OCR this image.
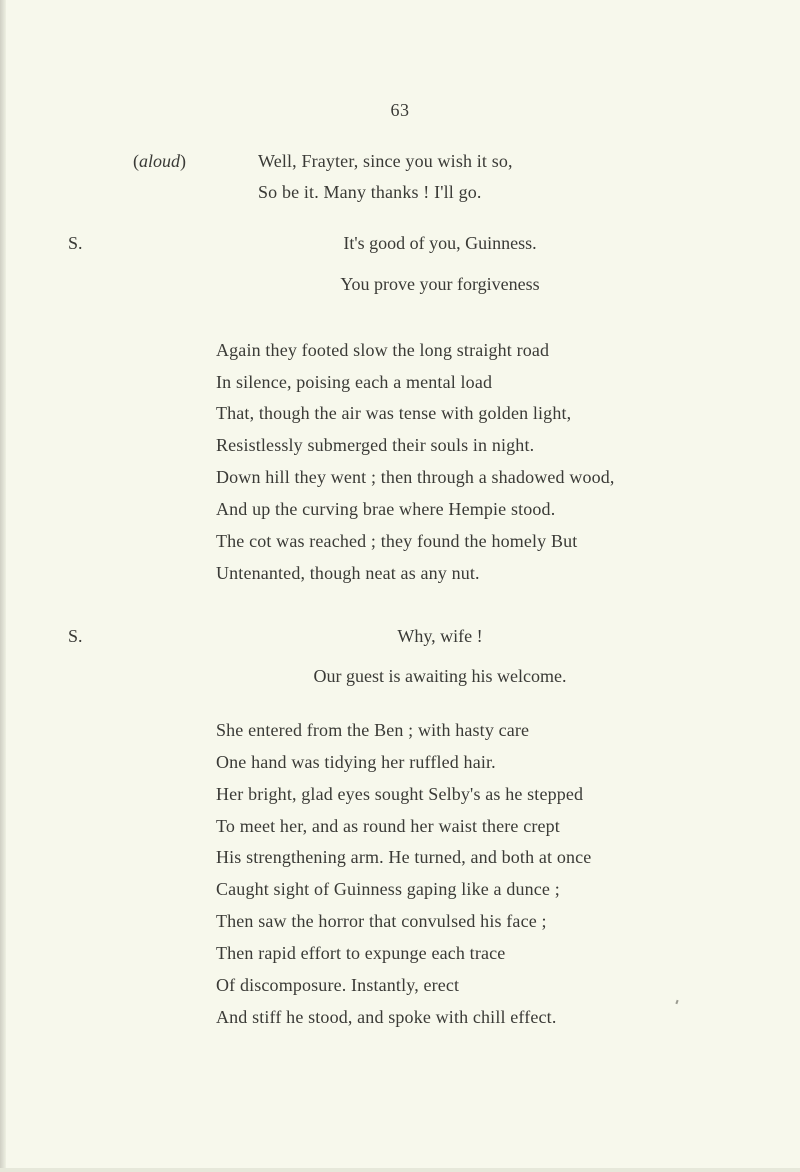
63
(aloud)	Well, Frayter, since you wish it so,
So be it. Many thanks ! I'll go.
S.	It's good of you, Guinness.
You prove your forgiveness
Again they footed slow the long straight road
In silence, poising each a mental load
That, though the air was tense with golden light,
Resistlessly submerged their souls in night.
Down hill they went ; then through a shadowed wood,
And up the curving brae where Hempie stood.
The cot was reached ; they found the homely But
Untenanted, though neat as any nut.
S.	Why, wife !
Our guest is awaiting his welcome.
She entered from the Ben ; with hasty care
One hand was tidying her ruffled hair.
Her bright, glad eyes sought Selby's as he stepped
To meet her, and as round her waist there crept
His strengthening arm. He turned, and both at once
Caught sight of Guinness gaping like a dunce ;
Then saw the horror that convulsed his face ;
Then rapid effort to expunge each trace
Of discomposure. Instantly, erect
And stiff he stood, and spoke with chill effect.
